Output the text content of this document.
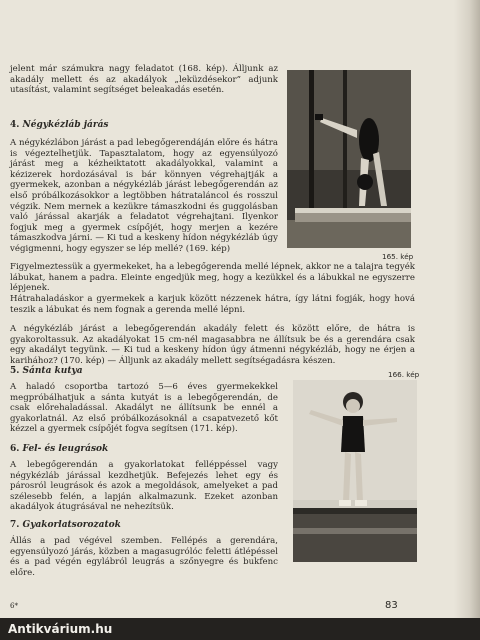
jelent már számukra nagy feladatot (168. kép). Álljunk az akadály mellett és az akadályok „leküzdésekor” adjunk utasítást, valamint segítséget beleakadás esetén.
4. Négykézláb járás
A négykézlábon járást a pad lebegőgerendáján előre és hátra is végeztelhetjük. Tapasztalatom, hogy az egyensúlyozó járást meg a kézheiktatott akadályokkal, valamint a kézizerek hordozásával is bár könnyen végrehajtják a gyermekek, azonban a négykézláb járást lebegőgerendán az első próbálkozásokkor a legtöbben hátrataláncol és rosszul végzik. Nem mernek a kezükre támaszkodni és guggolásban való járással akarják a feladatot végrehajtani. Ilyenkor fogjuk meg a gyermek csípőjét, hogy merjen a kezére támaszkodva járni. — Ki tud a keskeny hídon négykézláb úgy végigmenni, hogy egyszer se lép mellé? (169. kép)
165. kép
Figyelmeztessük a gyermekeket, ha a lebegőgerenda mellé lépnek, akkor ne a talajra tegyék lábukat, hanem a padra. Eleinte engedjük meg, hogy a kezükkel és a lábukkal ne egyszerre lépjenek.
Hátrahaladáskor a gyermekek a karjuk között nézzenek hátra, így látni fogják, hogy hová teszik a lábukat és nem fognak a gerenda mellé lépni.
A négykézláb járást a lebegőgerendán akadály felett és között előre, de hátra is gyakoroltassuk. Az akadályokat 15 cm-nél magasabbra ne állítsuk be és a gerendára csak egy akadályt tegyünk. — Ki tud a keskeny hídon úgy átmenni négykézláb, hogy ne érjen a karihához? (170. kép) — Álljunk az akadály mellett segítségadásra készen.
5. Sánta kutya
A haladó csoportba tartozó 5—6 éves gyermekekkel megpróbálhatjuk a sánta kutyát is a lebegőgerendán, de csak előrehaladással. Akadályt ne állítsunk be ennél a gyakorlatnál. Az első próbálkozásoknál a csapatvezető kőt kézzel a gyermek csípőjét fogva segítsen (171. kép).
166. kép
6. Fel- és leugrások
A lebegőgerendán a gyakorlatokat felléppéssel vagy négykézláb járással kezdhetjük. Befejezés lehet egy és párosról leugrások és azok a megoldások, amelyeket a pad szélesebb felén, a lapján alkalmazunk. Ezeket azonban akadályok átugrásával ne nehezítsük.
7. Gyakorlatsorozatok
Állás a pad végével szemben. Fellépés a gerendára, egyensúlyozó járás, közben a magasugrólóc feletti átlépéssel és a pad végén egylábról leugrás a szőnyegre és bukfenc előre.
6*	83
Antikvárium.hu
